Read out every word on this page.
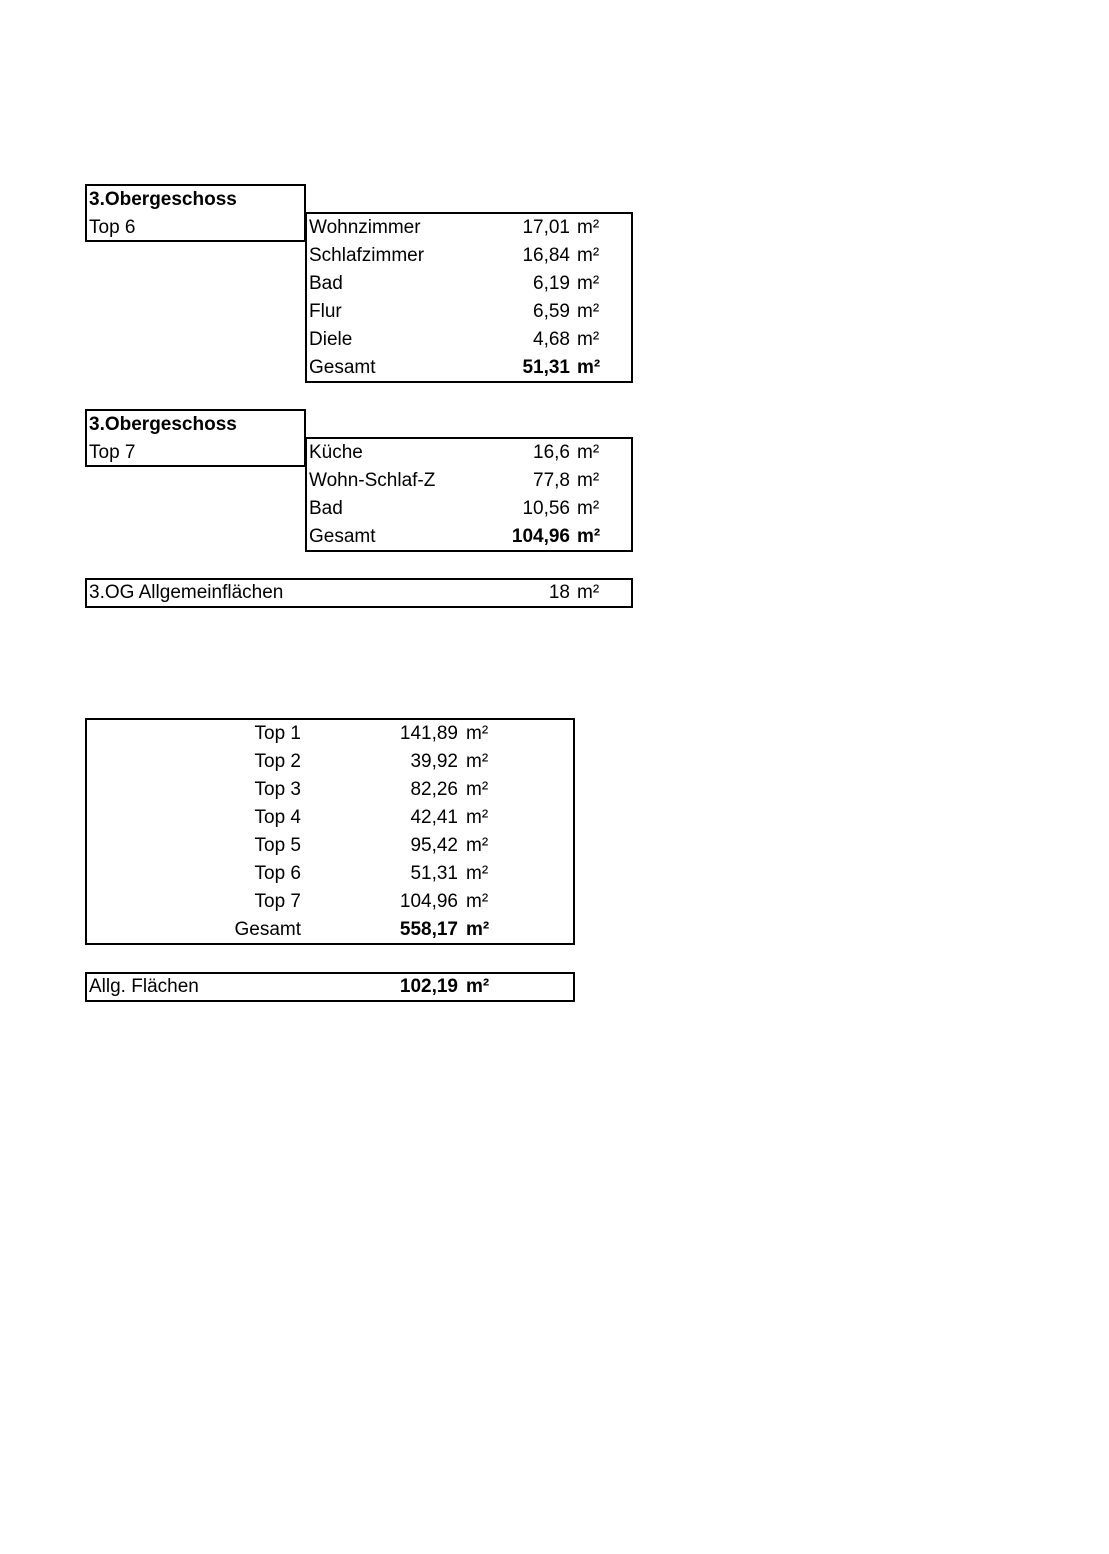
3.Obergeschoss
Top 6	Wohnzimmer	17,01 m²
Schlafzimmer	16,84 m²
Bad	6,19 m²
Flur	6,59 m²
Diele	4,68 m²
Gesamt	51,31 m²
3.Obergeschoss
Top 7	Küche	16,6 m²
Wohn-Schlaf-Z	77,8 m²
Bad	10,56 m²
Gesamt	104,96 m²
3.OG Allgemeinflächen	18 m²
Top 1	141,89 m²
Top 2	39,92 m²
Top 3	82,26 m²
Top 4	42,41 m²
Top 5	95,42 m²
Top 6	51,31 m²
Top 7	104,96 m²
Gesamt	558,17 m²
Allg. Flächen	102,19 m²
